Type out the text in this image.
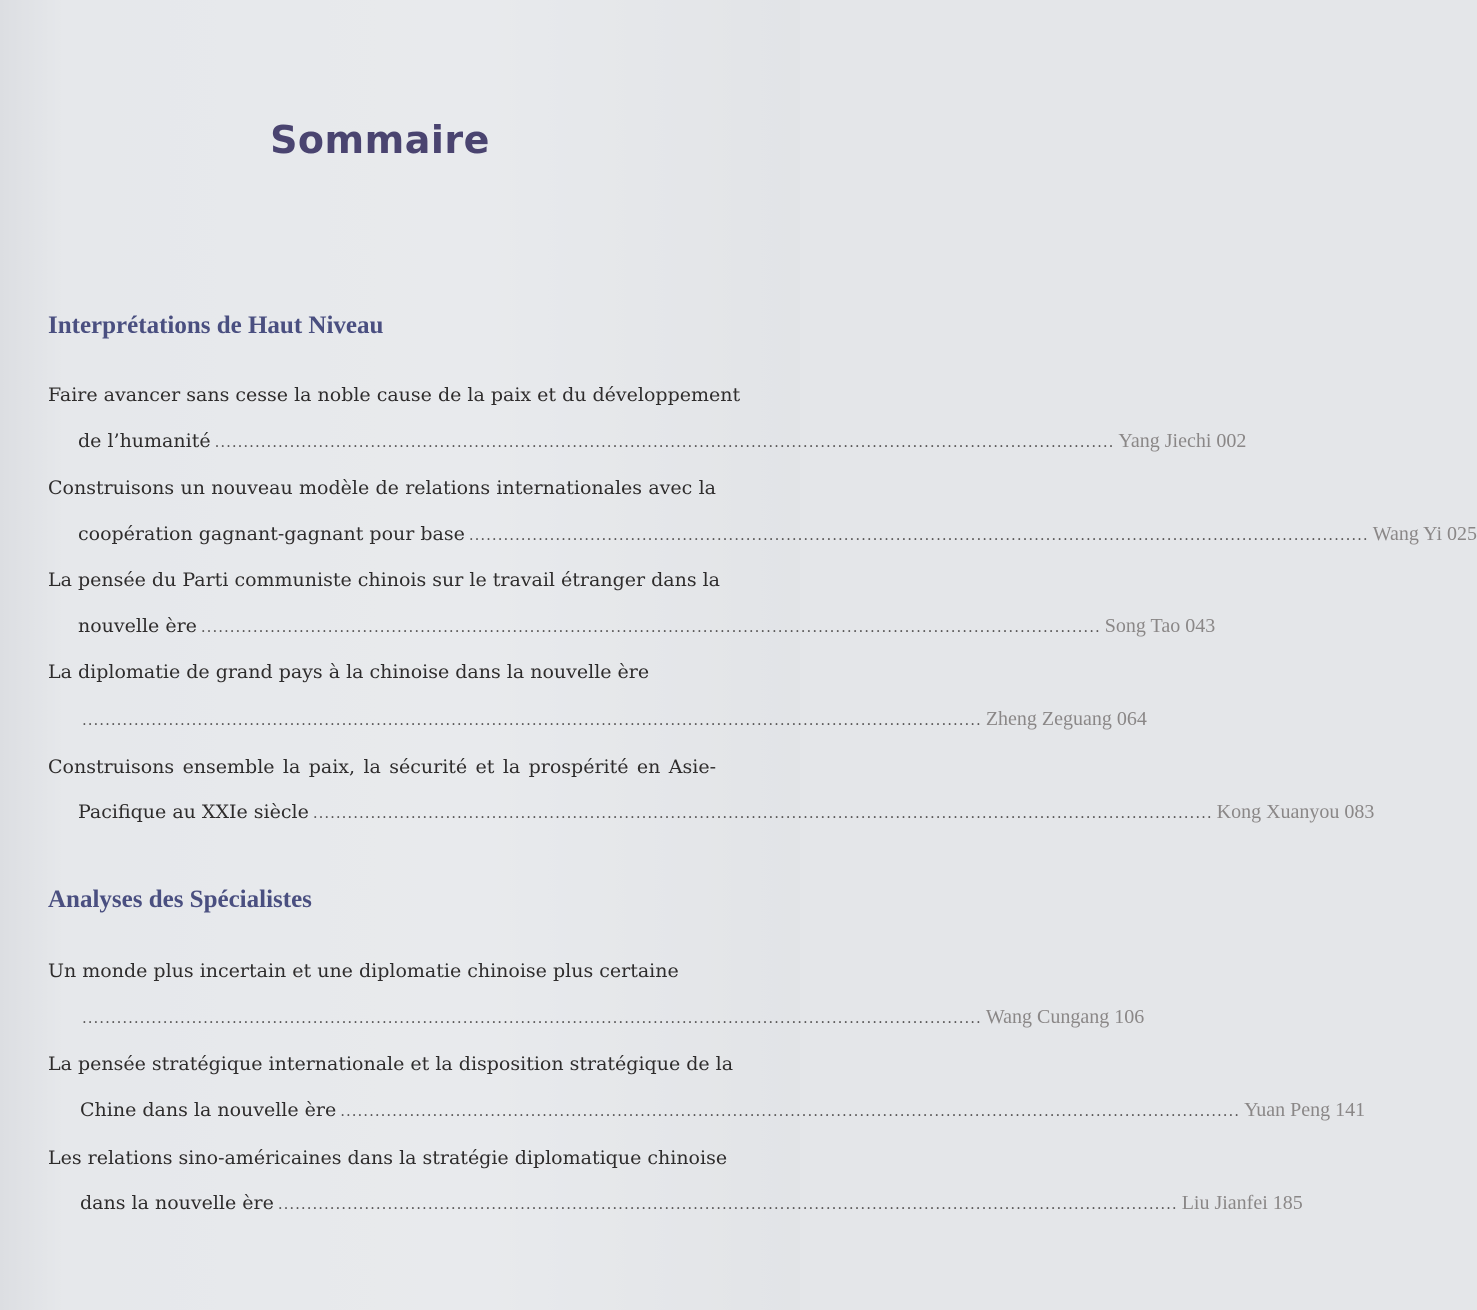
Sommaire
Interprétations de Haut Niveau
Faire avancer sans cesse la noble cause de la paix et du développement
de l’humanité ............................................................................................................................................................ Yang Jiechi 002
Construisons un nouveau modèle de relations internationales avec la
coopération gagnant-gagnant pour base ............................................................................................................................................................ Wang Yi 025
La pensée du Parti communiste chinois sur le travail étranger dans la
nouvelle ère ............................................................................................................................................................ Song Tao 043
La diplomatie de grand pays à la chinoise dans la nouvelle ère
............................................................................................................................................................ Zheng Zeguang 064
Construisons ensemble la paix, la sécurité et la prospérité en Asie-
Pacifique au XXIe siècle ............................................................................................................................................................ Kong Xuanyou 083
Analyses des Spécialistes
Un monde plus incertain et une diplomatie chinoise plus certaine
............................................................................................................................................................ Wang Cungang 106
La pensée stratégique internationale et la disposition stratégique de la
Chine dans la nouvelle ère ............................................................................................................................................................ Yuan Peng 141
Les relations sino-américaines dans la stratégie diplomatique chinoise
dans la nouvelle ère ............................................................................................................................................................ Liu Jianfei 185
